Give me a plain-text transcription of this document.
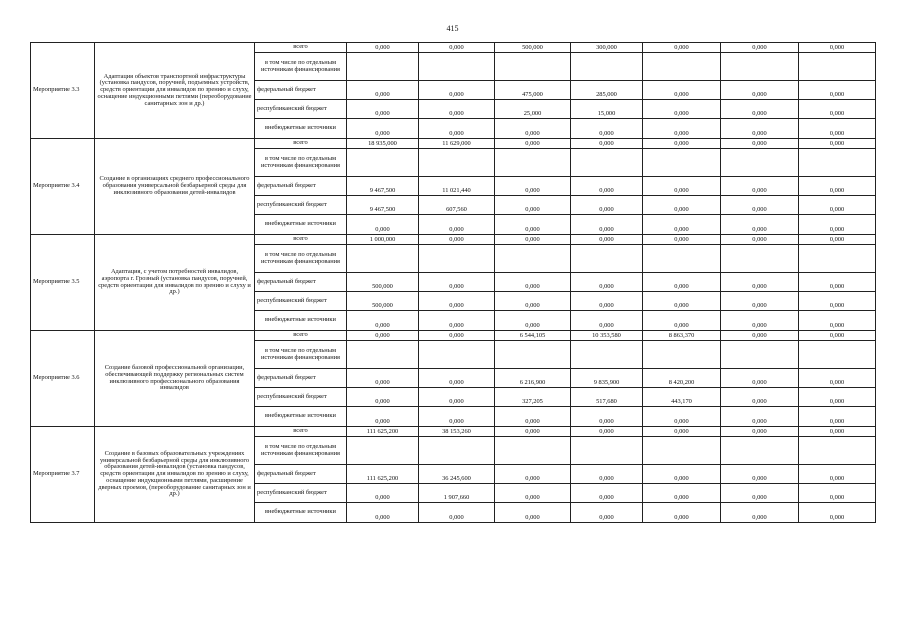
415
Мероприятие 3.3	Адаптация объектов транспортной инфраструктуры (установка пандусов, поручней, подъемных устройств, средств ориентации для инвалидов по зрению и слуху, оснащение индукционными петлями (переоборудование санитарных зон и др.)	всего	0,000	0,000	500,000	300,000	0,000	0,000	0,000
		в том числе по отдельным источникам финансирования							
		федеральный бюджет	0,000	0,000	475,000	285,000	0,000	0,000	0,000
		республиканский бюджет	0,000	0,000	25,000	15,000	0,000	0,000	0,000
		внебюджетные источники	0,000	0,000	0,000	0,000	0,000	0,000	0,000
Мероприятие 3.4	Создание в организациях среднего профессионального образования универсальной безбарьерной среды для инклюзивного образования детей-инвалидов	всего	18 935,000	11 629,000	0,000	0,000	0,000	0,000	0,000
		в том числе по отдельным источникам финансирования							
		федеральный бюджет	9 467,500	11 021,440	0,000	0,000	0,000	0,000	0,000
		республиканский бюджет	9 467,500	607,560	0,000	0,000	0,000	0,000	0,000
		внебюджетные источники	0,000	0,000	0,000	0,000	0,000	0,000	0,000
Мероприятие 3.5	Адаптация, с учетом потребностей инвалидов, аэропорта г. Грозный (установка пандусов, поручней, средств ориентации для инвалидов по зрению и слуху и др.)	всего	1 000,000	0,000	0,000	0,000	0,000	0,000	0,000
		в том числе по отдельным источникам финансирования							
		федеральный бюджет	500,000	0,000	0,000	0,000	0,000	0,000	0,000
		республиканский бюджет	500,000	0,000	0,000	0,000	0,000	0,000	0,000
		внебюджетные источники	0,000	0,000	0,000	0,000	0,000	0,000	0,000
Мероприятие 3.6	Создание базовой профессиональной организации, обеспечивающей поддержку региональных систем инклюзивного профессионального образования инвалидов	всего	0,000	0,000	6 544,105	10 353,580	8 863,370	0,000	0,000
		в том числе по отдельным источникам финансирования							
		федеральный бюджет	0,000	0,000	6 216,900	9 835,900	8 420,200	0,000	0,000
		республиканский бюджет	0,000	0,000	327,205	517,680	443,170	0,000	0,000
		внебюджетные источники	0,000	0,000	0,000	0,000	0,000	0,000	0,000
Мероприятие 3.7	Создание в базовых образовательных учреждениях универсальной безбарьерной среды для инклюзивного образования детей-инвалидов (установка пандусов, средств ориентации для инвалидов по зрению и слуху, оснащение индукционными петлями, расширение дверных проемов, (переоборудование санитарных зон и др.)	всего	111 625,200	38 153,260	0,000	0,000	0,000	0,000	0,000
		в том числе по отдельным источникам финансирования							
		федеральный бюджет	111 625,200	36 245,600	0,000	0,000	0,000	0,000	0,000
		республиканский бюджет	0,000	1 907,660	0,000	0,000	0,000	0,000	0,000
		внебюджетные источники	0,000	0,000	0,000	0,000	0,000	0,000	0,000
